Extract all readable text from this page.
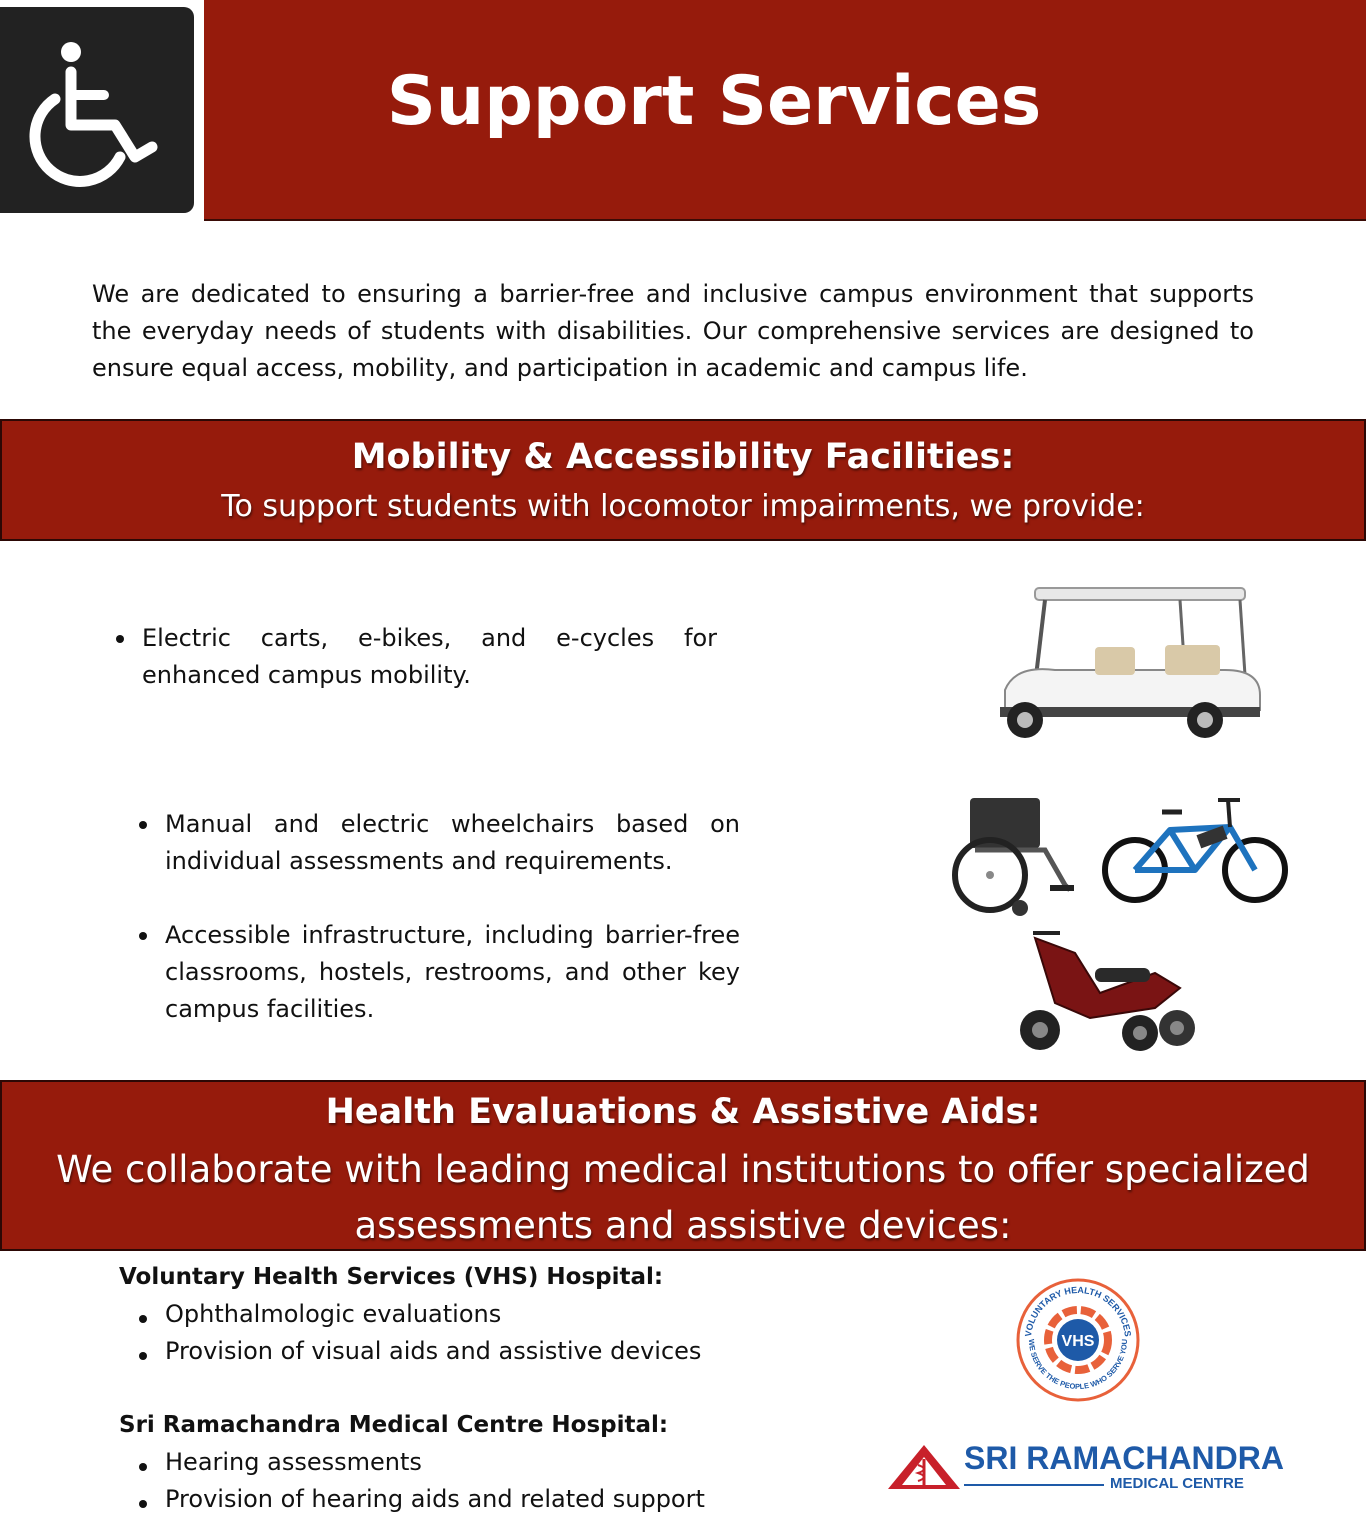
Support Services
We are dedicated to ensuring a barrier-free and inclusive campus environment that supports the everyday needs of students with disabilities. Our comprehensive services are designed to ensure equal access, mobility, and participation in academic and campus life.
Mobility & Accessibility Facilities:
To support students with locomotor impairments, we provide:
Electric carts, e-bikes, and e-cycles for enhanced campus mobility.
Manual and electric wheelchairs based on individual assessments and requirements.
Accessible infrastructure, including barrier-free classrooms, hostels, restrooms, and other key campus facilities.
Health Evaluations & Assistive Aids:
We collaborate with leading medical institutions to offer specialized assessments and assistive devices:
Voluntary Health Services (VHS) Hospital:
Ophthalmologic evaluations
Provision of visual aids and assistive devices
Sri Ramachandra Medical Centre Hospital:
Hearing assessments
Provision of hearing aids and related support
VOLUNTARY HEALTH SERVICES
WE SERVE THE PEOPLE WHO SERVE YOU
VHS
SRI RAMACHANDRA
MEDICAL CENTRE
